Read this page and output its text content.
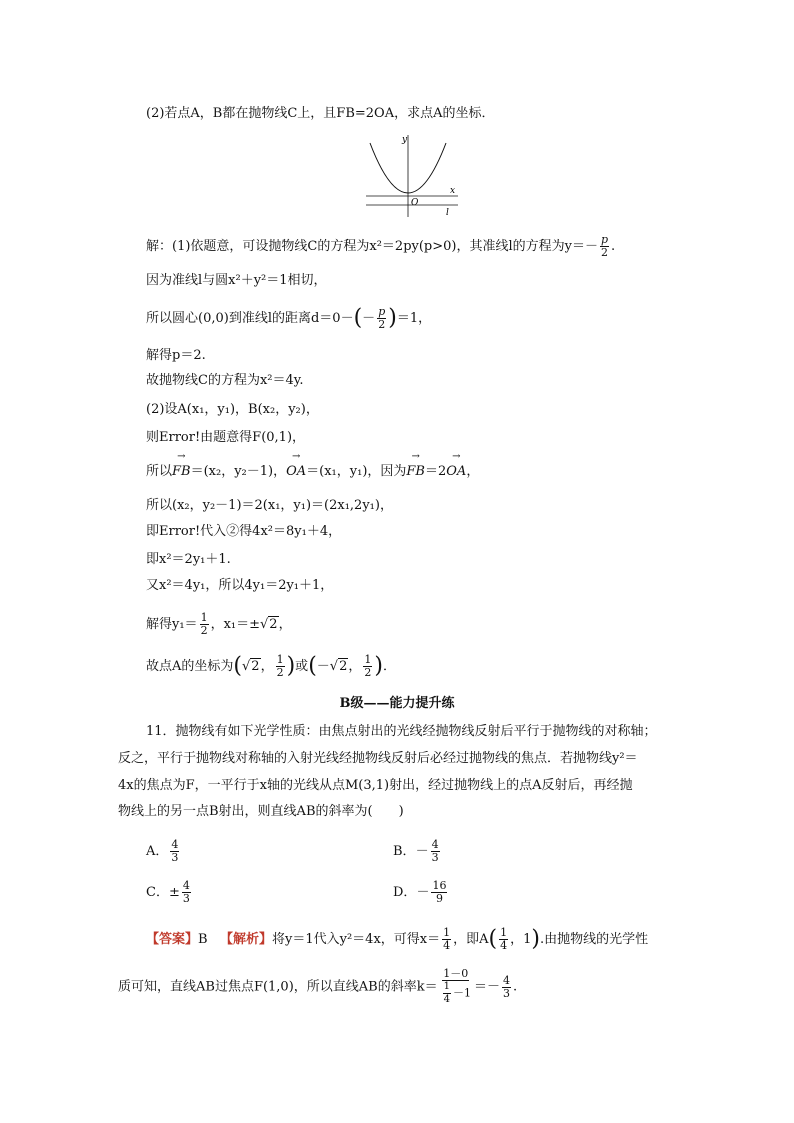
(2)若点A，B都在抛物线C上，且FB=2OA，求点A的坐标．
y
x
O
l
解：(1)依题意，可设抛物线C的方程为x²＝2py(p>0)，其准线l的方程为$y=- \frac{p}{2}$ .
因为准线l与圆x²＋y²＝1相切，
所以圆心(0,0)到准线l的距离$d=0-(- \frac{p}{2} )=1$，
解得p＝2.
故抛物线C的方程为x²＝4y.
(2)设A(x₁，y₁)，B(x₂，y₂)，
则Error!由题意得F(0,1)，
所以→ FB＝(x₂，y₂－1)，→ OA＝(x₁，y₁)，因为→ FB＝2→ OA，
所以(x₂，y₂－1)＝2(x₁，y₁)＝(2x₁,2y₁)，
即Error!代入②得4x²＝8y₁＋4，
即x²＝2y₁＋1.
又x²＝4y₁，所以4y₁＝2y₁＋1，
解得$y_1= \frac{1}{2}$ ，x₁＝±√2，
故点A的坐标为(√2， $\frac{1}{2}$ )或(－√2， $\frac{1}{2}$ )．
B级——能力提升练
11．抛物线有如下光学性质：由焦点射出的光线经抛物线反射后平行于抛物线的对称轴；
反之，平行于抛物线对称轴的入射光线经抛物线反射后必经过抛物线的焦点．若抛物线y²＝
4x的焦点为F，一平行于x轴的光线从点M(3,1)射出，经过抛物线上的点A反射后，再经抛
物线上的另一点B射出，则直线AB的斜率为(　　)
A． $\frac{4}{3}$	B．－ $\frac{4}{3}$
C．± $\frac{4}{3}$	D．－ $\frac{16}{9}$
【答案】B 【解析】将y＝1代入y²＝4x，可得$x= \frac{1}{4}$ ，即$A( \frac{1}{4}$ ，1).由抛物线的光学性
质可知，直线AB过焦点F(1,0)，所以直线AB的斜率$k= \frac{1-0}{\frac{1}{4} -1} =- \frac{4}{3}$ .
